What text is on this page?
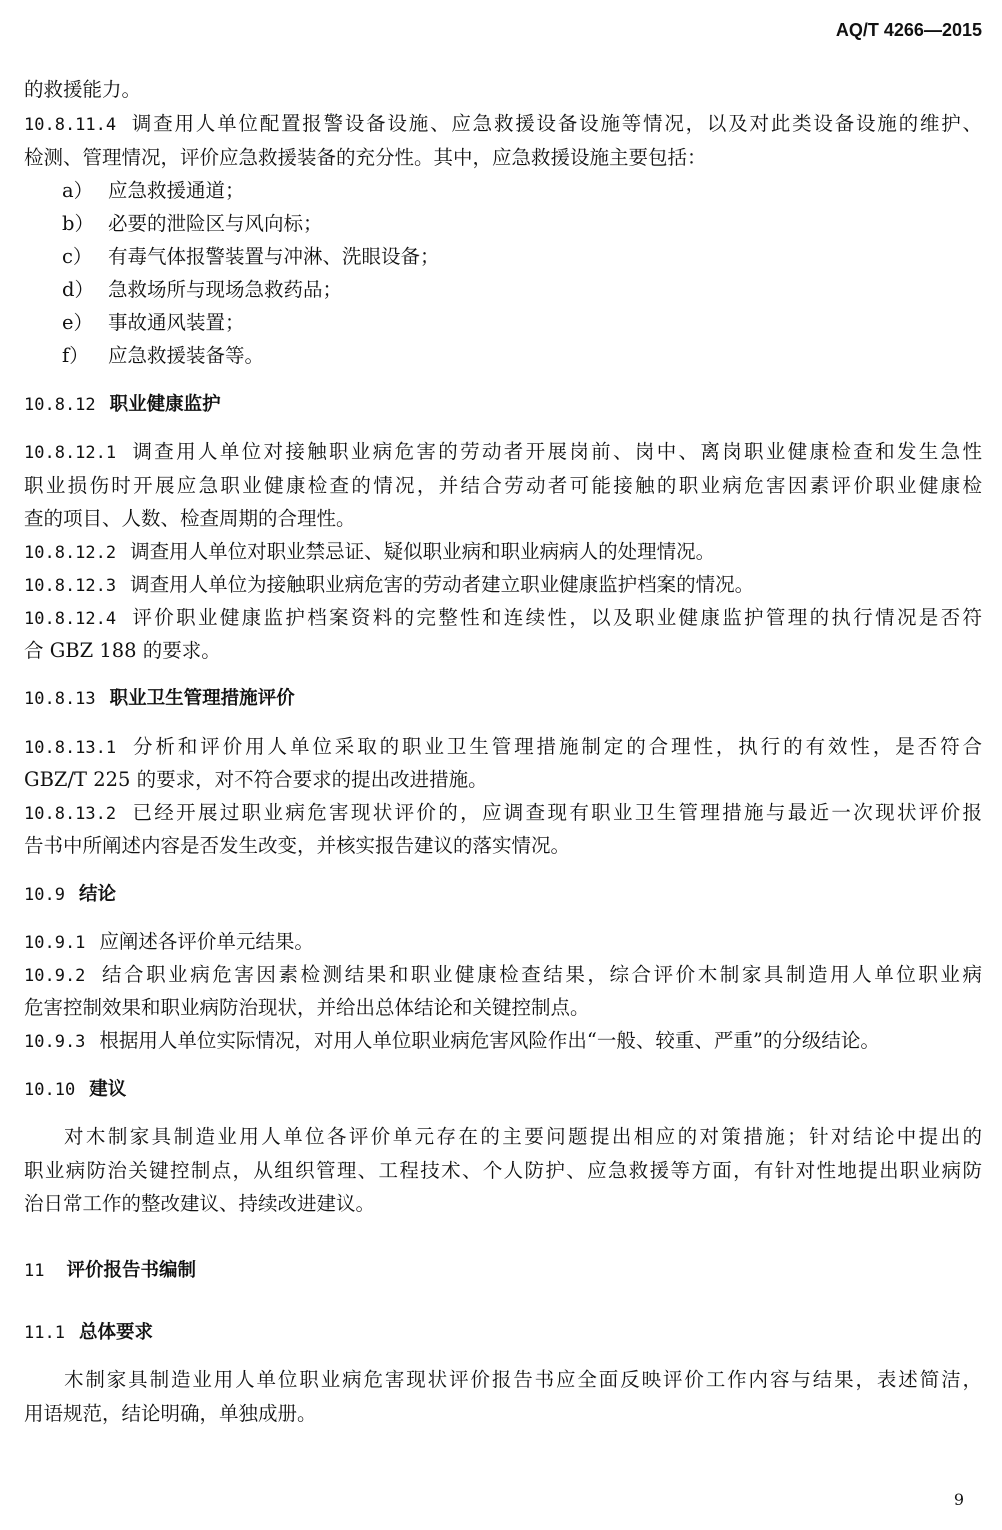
AQ/T 4266—2015
的救援能力。
10.8.11.4 调查用人单位配置报警设备设施、应急救援设备设施等情况，以及对此类设备设施的维护、
检测、管理情况，评价应急救援装备的充分性。其中，应急救援设施主要包括：
a） 应急救援通道；
b） 必要的泄险区与风向标；
c） 有毒气体报警装置与冲淋、洗眼设备；
d） 急救场所与现场急救药品；
e） 事故通风装置；
f） 应急救援装备等。
10.8.12 职业健康监护
10.8.12.1 调查用人单位对接触职业病危害的劳动者开展岗前、岗中、离岗职业健康检查和发生急性
职业损伤时开展应急职业健康检查的情况，并结合劳动者可能接触的职业病危害因素评价职业健康检
查的项目、人数、检查周期的合理性。
10.8.12.2 调查用人单位对职业禁忌证、疑似职业病和职业病病人的处理情况。
10.8.12.3 调查用人单位为接触职业病危害的劳动者建立职业健康监护档案的情况。
10.8.12.4 评价职业健康监护档案资料的完整性和连续性，以及职业健康监护管理的执行情况是否符
合 GBZ 188 的要求。
10.8.13 职业卫生管理措施评价
10.8.13.1 分析和评价用人单位采取的职业卫生管理措施制定的合理性，执行的有效性，是否符合
GBZ/T 225 的要求，对不符合要求的提出改进措施。
10.8.13.2 已经开展过职业病危害现状评价的，应调查现有职业卫生管理措施与最近一次现状评价报
告书中所阐述内容是否发生改变，并核实报告建议的落实情况。
10.9 结论
10.9.1 应阐述各评价单元结果。
10.9.2 结合职业病危害因素检测结果和职业健康检查结果，综合评价木制家具制造用人单位职业病
危害控制效果和职业病防治现状，并给出总体结论和关键控制点。
10.9.3 根据用人单位实际情况，对用人单位职业病危害风险作出“一般、较重、严重”的分级结论。
10.10 建议
对木制家具制造业用人单位各评价单元存在的主要问题提出相应的对策措施；针对结论中提出的
职业病防治关键控制点，从组织管理、工程技术、个人防护、应急救援等方面，有针对性地提出职业病防
治日常工作的整改建议、持续改进建议。
11 评价报告书编制
11.1 总体要求
木制家具制造业用人单位职业病危害现状评价报告书应全面反映评价工作内容与结果，表述简洁，
用语规范，结论明确，单独成册。
9
